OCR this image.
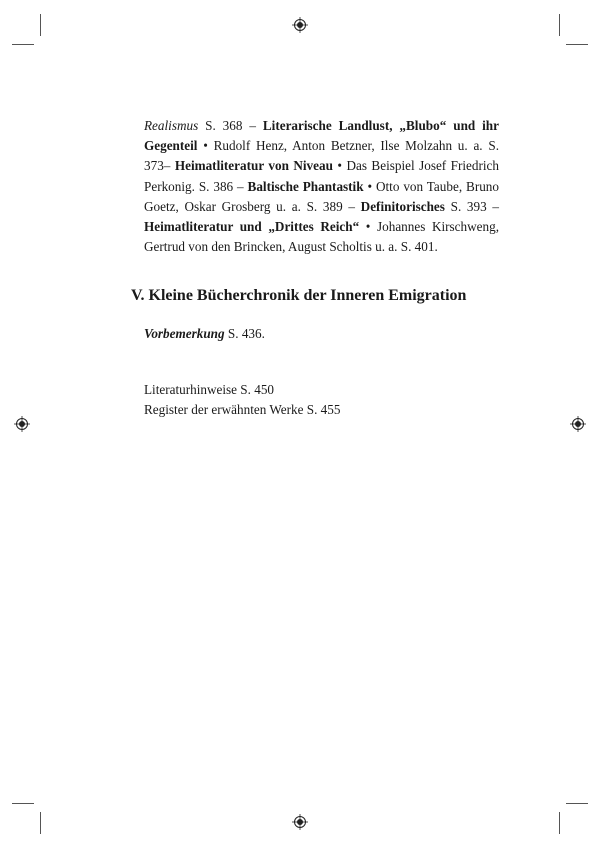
Realismus S. 368 – Literarische Landlust, „Blubo“ und ihr Gegenteil • Rudolf Henz, Anton Betzner, Ilse Molzahn u. a. S. 373– Heimatliteratur von Niveau • Das Beispiel Josef Friedrich Perkonig. S. 386 – Baltische Phantastik • Otto von Taube, Bruno Goetz, Oskar Grosberg u. a. S. 389 – Definitorisches S. 393 – Heimatliteratur und „Drittes Reich“ • Johannes Kirschweng, Gertrud von den Brincken, August Scholtis u. a. S. 401.
V. Kleine Bücherchronik der Inneren Emigration
Vorbemerkung S. 436.
Literaturhinweise S. 450
Register der erwähnten Werke S. 455
